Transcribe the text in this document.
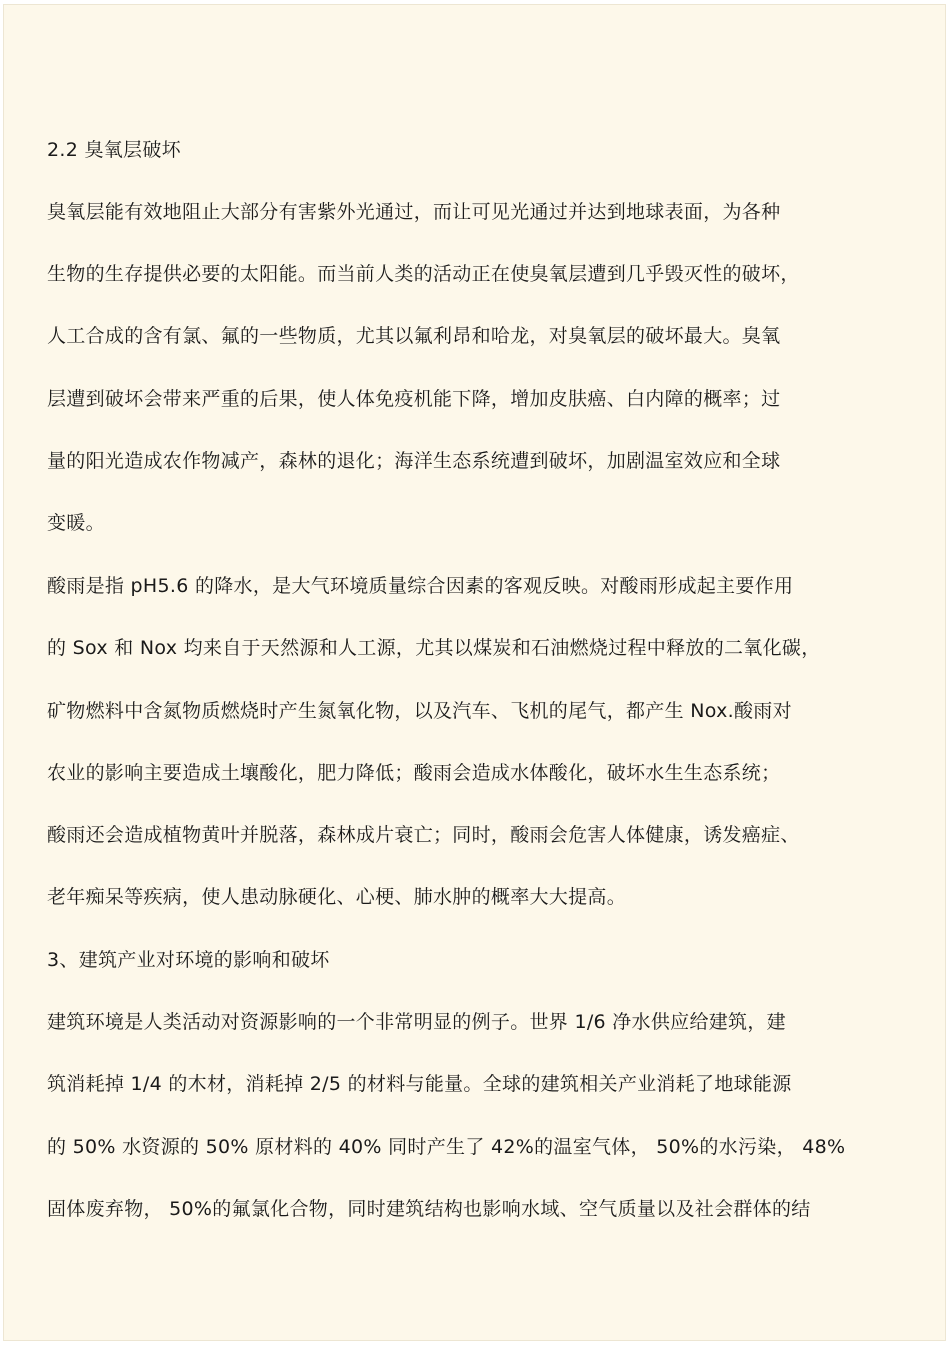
2.2 臭氧层破坏
臭氧层能有效地阻止大部分有害紫外光通过，而让可见光通过并达到地球表面，为各种
生物的生存提供必要的太阳能。而当前人类的活动正在使臭氧层遭到几乎毁灭性的破坏，
人工合成的含有氯、氟的一些物质，尤其以氟利昂和哈龙，对臭氧层的破坏最大。臭氧
层遭到破坏会带来严重的后果，使人体免疫机能下降，增加皮肤癌、白内障的概率；过
量的阳光造成农作物减产，森林的退化；海洋生态系统遭到破坏，加剧温室效应和全球
变暖。
酸雨是指 pH5.6 的降水，是大气环境质量综合因素的客观反映。对酸雨形成起主要作用
的 Sox 和 Nox 均来自于天然源和人工源，尤其以煤炭和石油燃烧过程中释放的二氧化碳，
矿物燃料中含氮物质燃烧时产生氮氧化物，以及汽车、飞机的尾气，都产生 Nox.酸雨对
农业的影响主要造成土壤酸化，肥力降低；酸雨会造成水体酸化，破坏水生生态系统；
酸雨还会造成植物黄叶并脱落，森林成片衰亡；同时，酸雨会危害人体健康，诱发癌症、
老年痴呆等疾病，使人患动脉硬化、心梗、肺水肿的概率大大提高。
3、建筑产业对环境的影响和破坏
建筑环境是人类活动对资源影响的一个非常明显的例子。世界 1/6 净水供应给建筑，建
筑消耗掉 1/4 的木材，消耗掉 2/5 的材料与能量。全球的建筑相关产业消耗了地球能源
的 50% 水资源的 50% 原材料的 40% 同时产生了 42%的温室气体， 50%的水污染， 48%
固体废弃物， 50%的氟氯化合物，同时建筑结构也影响水域、空气质量以及社会群体的结
